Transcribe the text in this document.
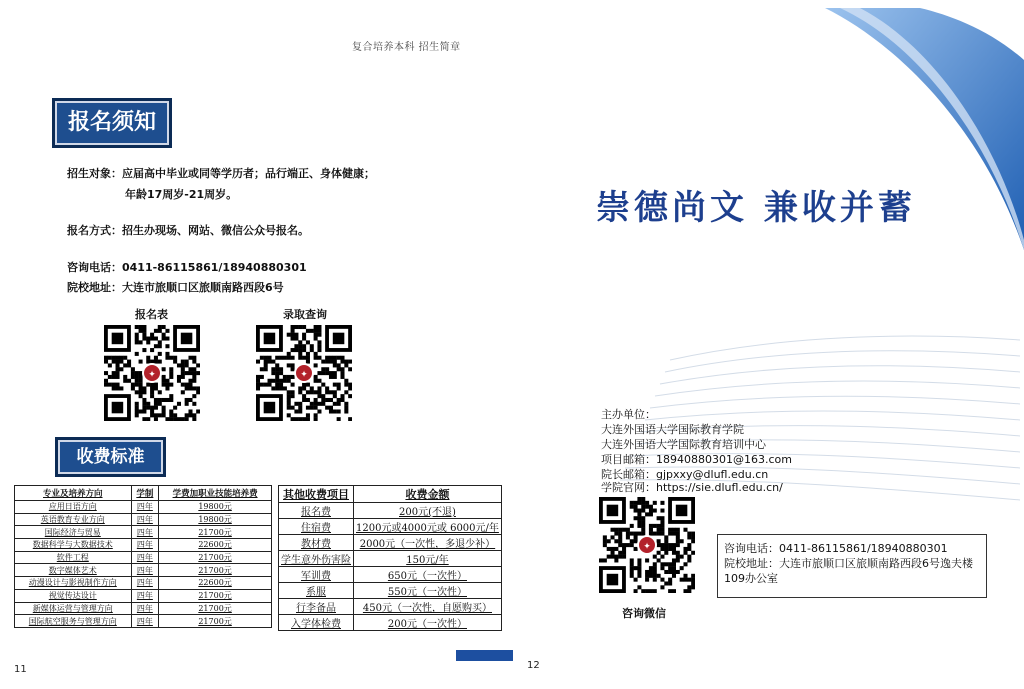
复合培养本科 招生简章
报名须知
招生对象：应届高中毕业或同等学历者；品行端正、身体健康；
年龄17周岁-21周岁。
报名方式：招生办现场、网站、微信公众号报名。
咨询电话：0411-86115861/18940880301
院校地址：大连市旅顺口区旅顺南路西段6号
报名表	录取查询
✦	✦
收费标准
专业及培养方向	学制	学费加职业技能培养费
应用日语方向	四年	19800元
英语教育专业方向	四年	19800元
国际经济与贸易	四年	21700元
数据科学与大数据技术	四年	22600元
软件工程	四年	21700元
数字媒体艺术	四年	21700元
动漫设计与影视制作方向	四年	22600元
视觉传达设计	四年	21700元
新媒体运营与管理方向	四年	21700元
国际航空服务与管理方向	四年	21700元
其他收费项目	收费金额
报名费	200元(不退)
住宿费	1200元或4000元或 6000元/年
教材费	2000元（一次性，多退少补）
学生意外伤害险	150元/年
军训费	650元（一次性）
系服	550元（一次性）
行李备品	450元（一次性，自愿购买）
入学体检费	200元（一次性）
11	12
崇德尚文 兼收并蓄
主办单位：
大连外国语大学国际教育学院
大连外国语大学国际教育培训中心
项目邮箱：18940880301@163.com
院长邮箱：gjpxxy@dlufl.edu.cn
学院官网：https://sie.dlufl.edu.cn/
✦
咨询微信
咨询电话：0411-86115861/18940880301
院校地址：大连市旅顺口区旅顺南路西段6号逸夫楼109办公室
